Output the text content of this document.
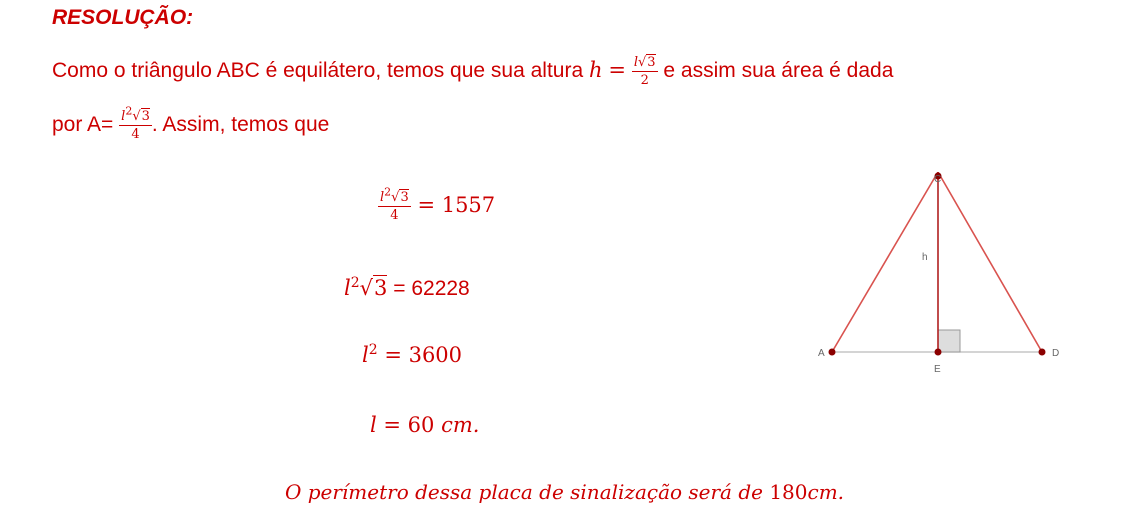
RESOLUÇÃO:
Como o triângulo ABC é equilátero, temos que sua altura $h = \frac{l√3}{2}$ e assim sua área é dada
por $A= \frac{l^2√3}{4}$ . Assim, temos que
$\frac{l^2√3}{4} = 1557$
$l^2√3 = 62228$
$l^2 = 3600$
l = 60 cm.
O perímetro dessa placa de sinalização será de 180cm.
C
A	D
E
h
